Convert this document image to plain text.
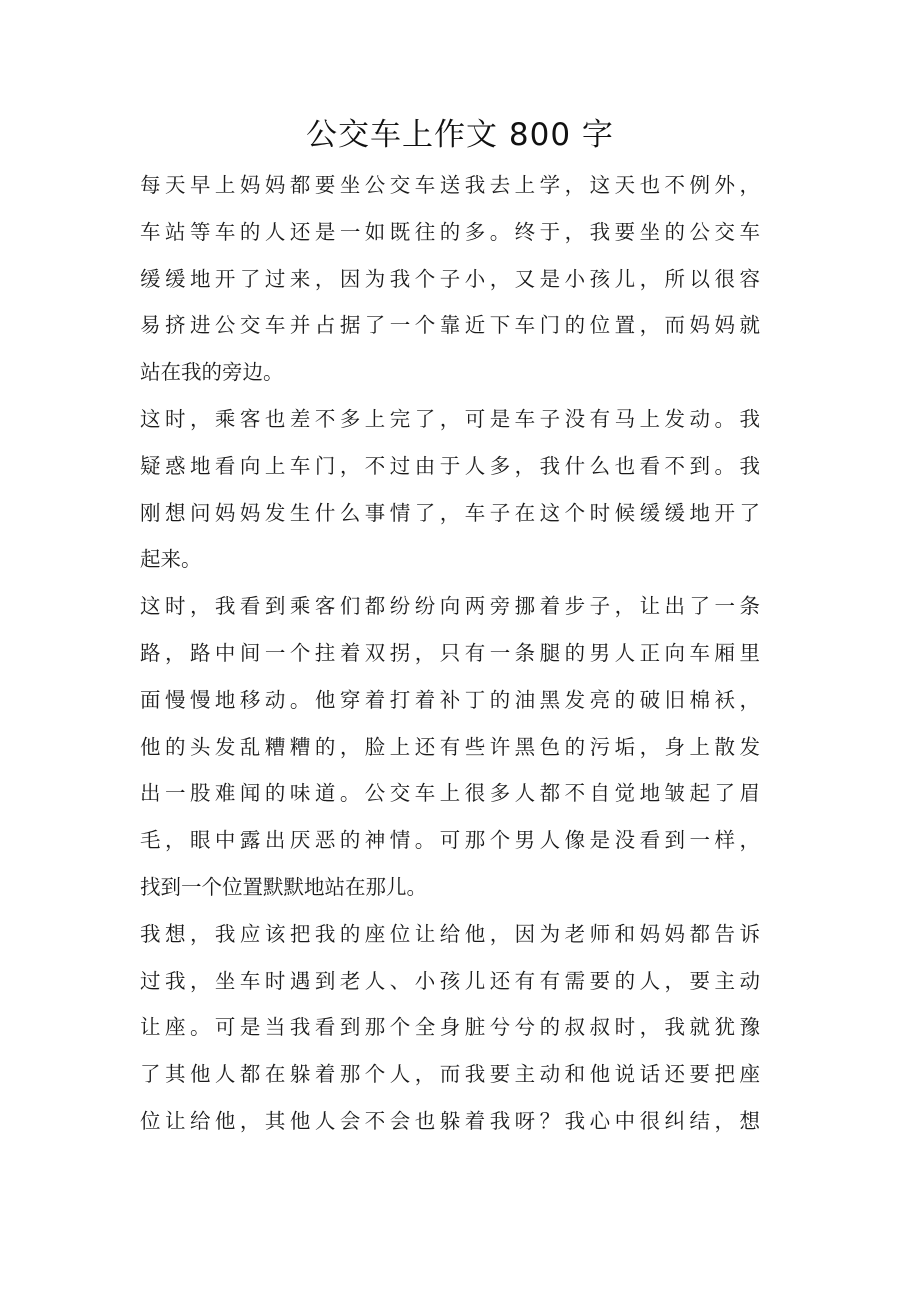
公交车上作文 800 字
每天早上妈妈都要坐公交车送我去上学，这天也不例外，
车站等车的人还是一如既往的多。终于，我要坐的公交车
缓缓地开了过来，因为我个子小，又是小孩儿，所以很容
易挤进公交车并占据了一个靠近下车门的位置，而妈妈就
站在我的旁边。
这时，乘客也差不多上完了，可是车子没有马上发动。我
疑惑地看向上车门，不过由于人多，我什么也看不到。我
刚想问妈妈发生什么事情了，车子在这个时候缓缓地开了
起来。
这时，我看到乘客们都纷纷向两旁挪着步子，让出了一条
路，路中间一个拄着双拐，只有一条腿的男人正向车厢里
面慢慢地移动。他穿着打着补丁的油黑发亮的破旧棉袄，
他的头发乱糟糟的，脸上还有些许黑色的污垢，身上散发
出一股难闻的味道。公交车上很多人都不自觉地皱起了眉
毛，眼中露出厌恶的神情。可那个男人像是没看到一样，
找到一个位置默默地站在那儿。
我想，我应该把我的座位让给他，因为老师和妈妈都告诉
过我，坐车时遇到老人、小孩儿还有有需要的人，要主动
让座。可是当我看到那个全身脏兮兮的叔叔时，我就犹豫
了其他人都在躲着那个人，而我要主动和他说话还要把座
位让给他，其他人会不会也躲着我呀？我心中很纠结，想
